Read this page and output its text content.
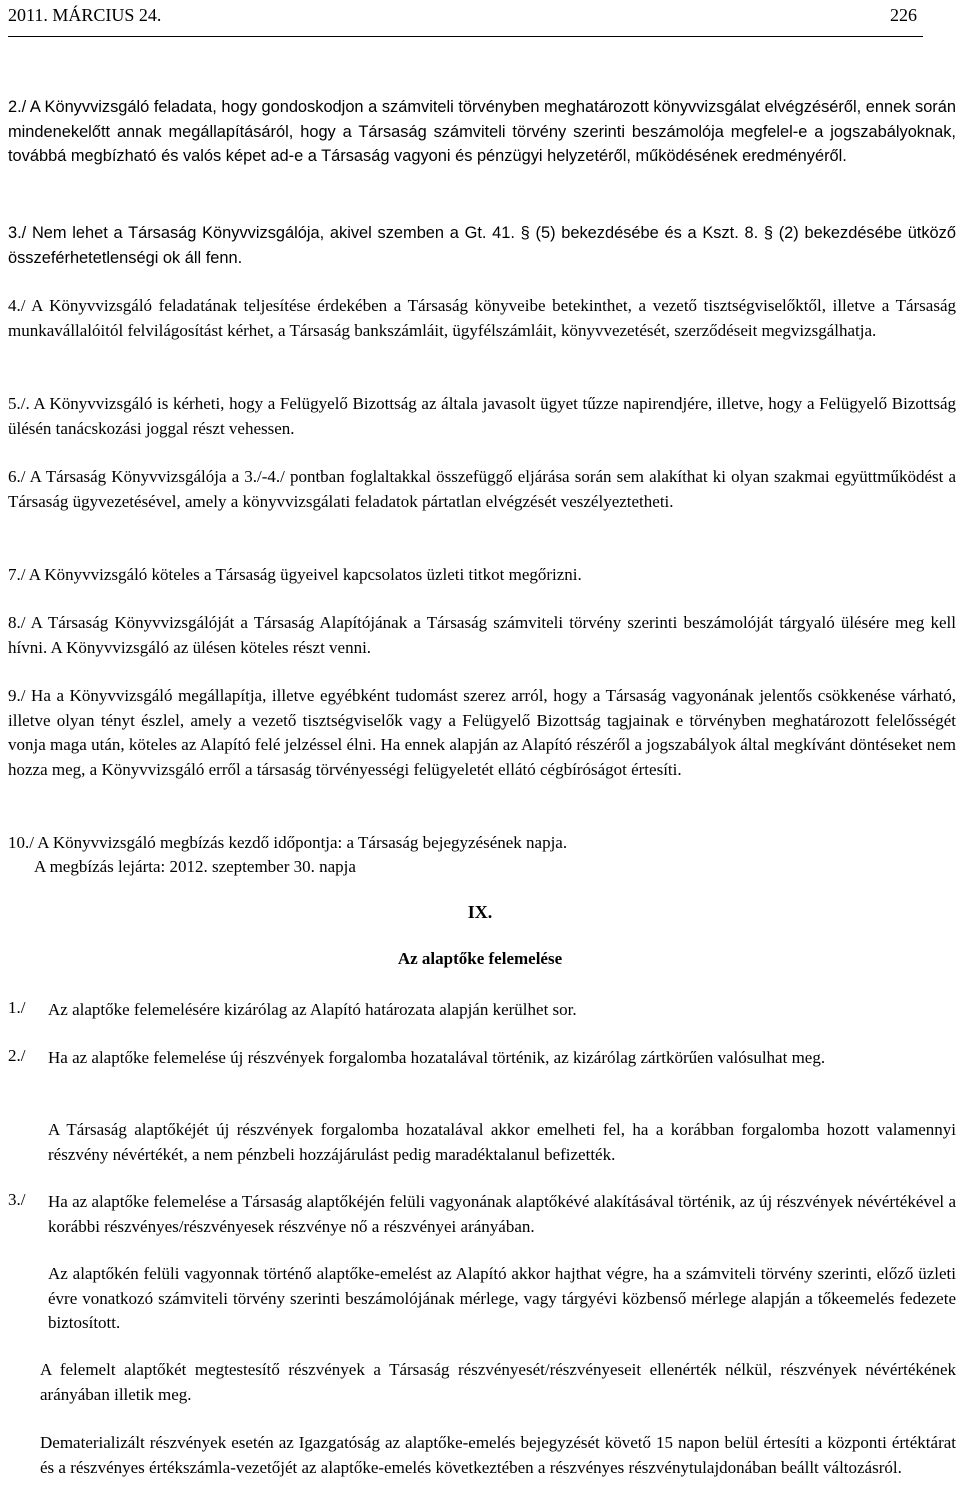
2011. MÁRCIUS 24.	226

2./ A Könyvvizsgáló feladata, hogy gondoskodjon a számviteli törvényben meghatározott könyvvizsgálat elvégzéséről, ennek során mindenekelőtt annak megállapításáról, hogy a Társaság számviteli törvény szerinti beszámolója megfelel-e a jogszabályoknak, továbbá megbízható és valós képet ad-e a Társaság vagyoni és pénzügyi helyzetéről, működésének eredményéről.

3./ Nem lehet a Társaság Könyvvizsgálója, akivel szemben a Gt. 41. § (5) bekezdésébe és a Kszt. 8. § (2) bekezdésébe ütköző összeférhetetlenségi ok áll fenn.

4./ A Könyvvizsgáló feladatának teljesítése érdekében a Társaság könyveibe betekinthet, a vezető tisztségviselőktől, illetve a Társaság munkavállalóitól felvilágosítást kérhet, a Társaság bankszámláit, ügyfélszámláit, könyvvezetését, szerződéseit megvizsgálhatja.

5./. A Könyvvizsgáló is kérheti, hogy a Felügyelő Bizottság az általa javasolt ügyet tűzze napirendjére, illetve, hogy a Felügyelő Bizottság ülésén tanácskozási joggal részt vehessen.

6./ A Társaság Könyvvizsgálója a 3./-4./ pontban foglaltakkal összefüggő eljárása során sem alakíthat ki olyan szakmai együttműködést a Társaság ügyvezetésével, amely a könyvvizsgálati feladatok pártatlan elvégzését veszélyeztetheti.

7./ A Könyvvizsgáló köteles a Társaság ügyeivel kapcsolatos üzleti titkot megőrizni.

8./ A Társaság Könyvvizsgálóját a Társaság Alapítójának a Társaság számviteli törvény szerinti beszámolóját tárgyaló ülésére meg kell hívni. A Könyvvizsgáló az ülésen köteles részt venni.

9./ Ha a Könyvvizsgáló megállapítja, illetve egyébként tudomást szerez arról, hogy a Társaság vagyonának jelentős csökkenése várható, illetve olyan tényt észlel, amely a vezető tisztségviselők vagy a Felügyelő Bizottság tagjainak e törvényben meghatározott felelősségét vonja maga után, köteles az Alapító felé jelzéssel élni. Ha ennek alapján az Alapító részéről a jogszabályok által megkívánt döntéseket nem hozza meg, a Könyvvizsgáló erről a társaság törvényességi felügyeletét ellátó cégbíróságot értesíti.

10./ A Könyvvizsgáló megbízás kezdő időpontja: a Társaság bejegyzésének napja.

A megbízás lejárta: 2012. szeptember 30. napja

IX.

Az alaptőke felemelése

1./ Az alaptőke felemelésére kizárólag az Alapító határozata alapján kerülhet sor.

2./ Ha az alaptőke felemelése új részvények forgalomba hozatalával történik, az kizárólag zártkörűen valósulhat meg.

A Társaság alaptőkéjét új részvények forgalomba hozatalával akkor emelheti fel, ha a korábban forgalomba hozott valamennyi részvény névértékét, a nem pénzbeli hozzájárulást pedig maradéktalanul befizették.

3./ Ha az alaptőke felemelése a Társaság alaptőkéjén felüli vagyonának alaptőkévé alakításával történik, az új részvények névértékével a korábbi részvényes/részvényesek részvénye nő a részvényei arányában.

Az alaptőkén felüli vagyonnak történő alaptőke-emelést az Alapító akkor hajthat végre, ha a számviteli törvény szerinti, előző üzleti évre vonatkozó számviteli törvény szerinti beszámolójának mérlege, vagy tárgyévi közbenső mérlege alapján a tőkeemelés fedezete biztosított.

A felemelt alaptőkét megtestesítő részvények a Társaság részvényesét/részvényeseit ellenérték nélkül, részvények névértékének arányában illetik meg.

Dematerializált részvények esetén az Igazgatóság az alaptőke-emelés bejegyzését követő 15 napon belül értesíti a központi értéktárat és a részvényes értékszámla-vezetőjét az alaptőke-emelés következtében a részvényes részvénytulajdonában beállt változásról.
